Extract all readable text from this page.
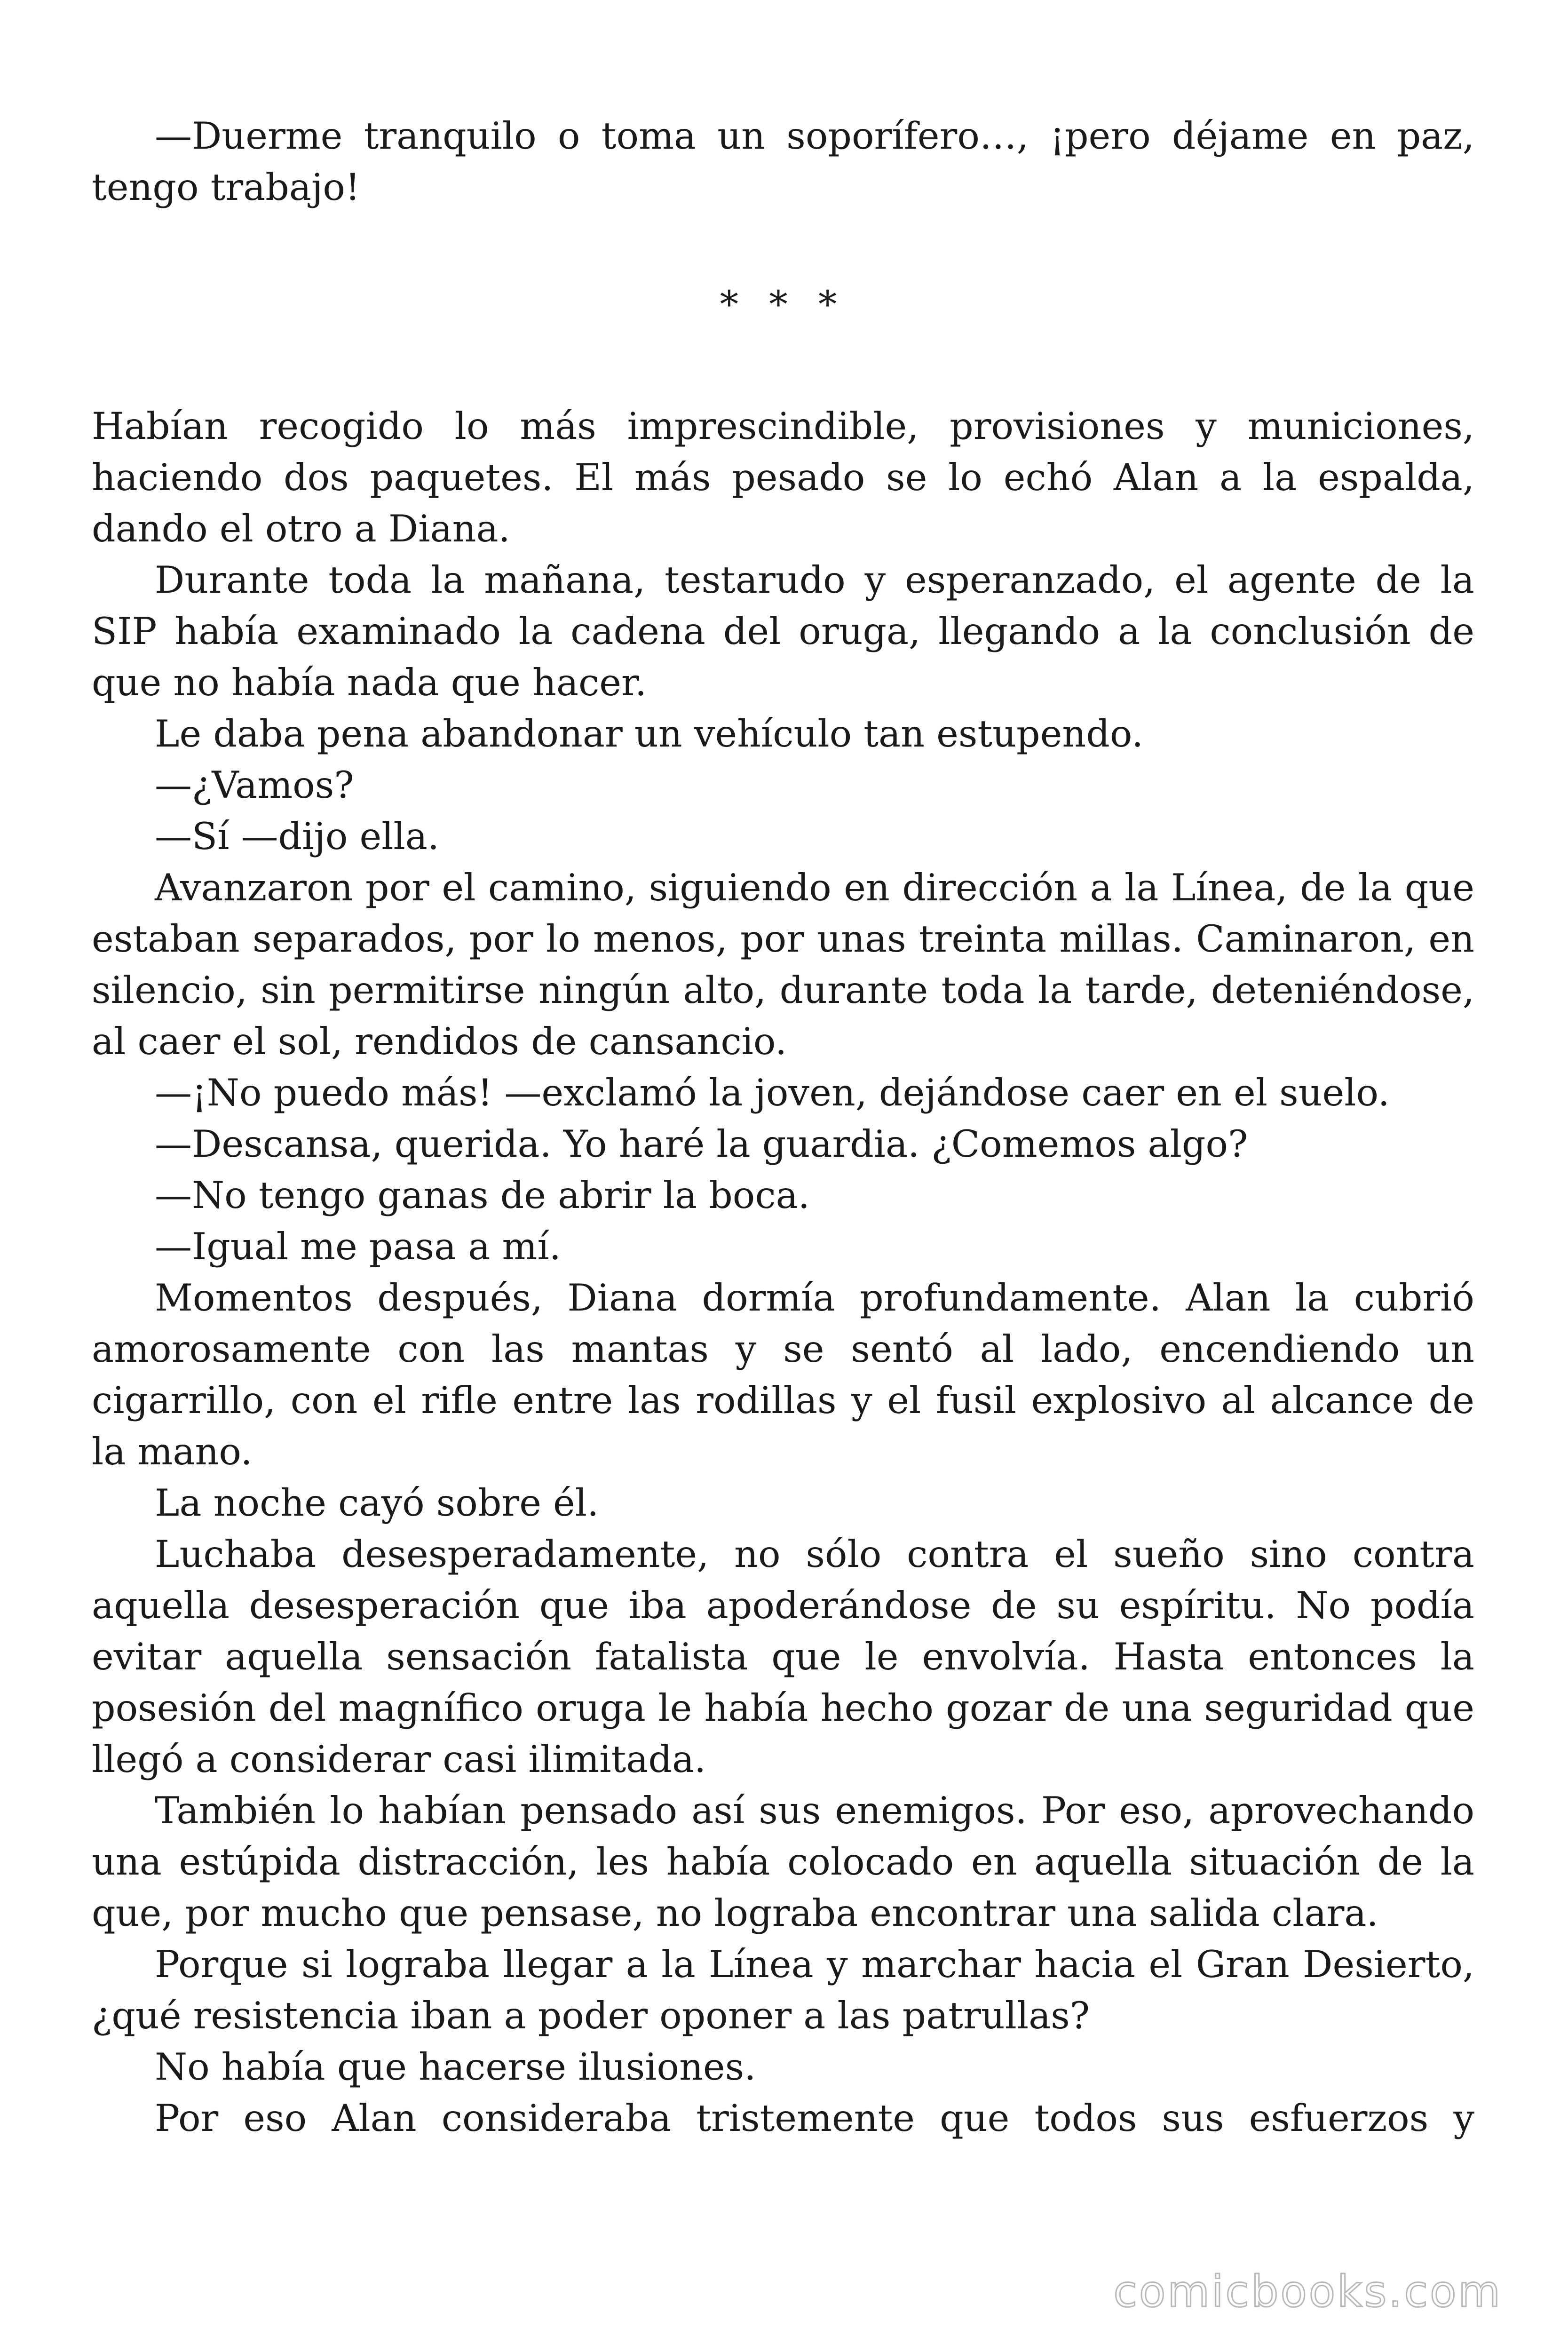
—Duerme tranquilo o toma un soporífero…, ¡pero déjame en paz, tengo trabajo!

* * *

Habían recogido lo más imprescindible, provisiones y municiones, haciendo dos paquetes. El más pesado se lo echó Alan a la espalda, dando el otro a Diana.

Durante toda la mañana, testarudo y esperanzado, el agente de la SIP había examinado la cadena del oruga, llegando a la conclusión de que no había nada que hacer.

Le daba pena abandonar un vehículo tan estupendo.

—¿Vamos?

—Sí —dijo ella.

Avanzaron por el camino, siguiendo en dirección a la Línea, de la que estaban separados, por lo menos, por unas treinta millas. Caminaron, en silencio, sin permitirse ningún alto, durante toda la tarde, deteniéndose, al caer el sol, rendidos de cansancio.

—¡No puedo más! —exclamó la joven, dejándose caer en el suelo.

—Descansa, querida. Yo haré la guardia. ¿Comemos algo?

—No tengo ganas de abrir la boca.

—Igual me pasa a mí.

Momentos después, Diana dormía profundamente. Alan la cubrió amorosamente con las mantas y se sentó al lado, encendiendo un cigarrillo, con el rifle entre las rodillas y el fusil explosivo al alcance de la mano.

La noche cayó sobre él.

Luchaba desesperadamente, no sólo contra el sueño sino contra aquella desesperación que iba apoderándose de su espíritu. No podía evitar aquella sensación fatalista que le envolvía. Hasta entonces la posesión del magnífico oruga le había hecho gozar de una seguridad que llegó a considerar casi ilimitada.

También lo habían pensado así sus enemigos. Por eso, aprovechando una estúpida distracción, les había colocado en aquella situación de la que, por mucho que pensase, no lograba encontrar una salida clara.

Porque si lograba llegar a la Línea y marchar hacia el Gran Desierto, ¿qué resistencia iban a poder oponer a las patrullas?

No había que hacerse ilusiones.

Por eso Alan consideraba tristemente que todos sus esfuerzos y

comicbooks.com
